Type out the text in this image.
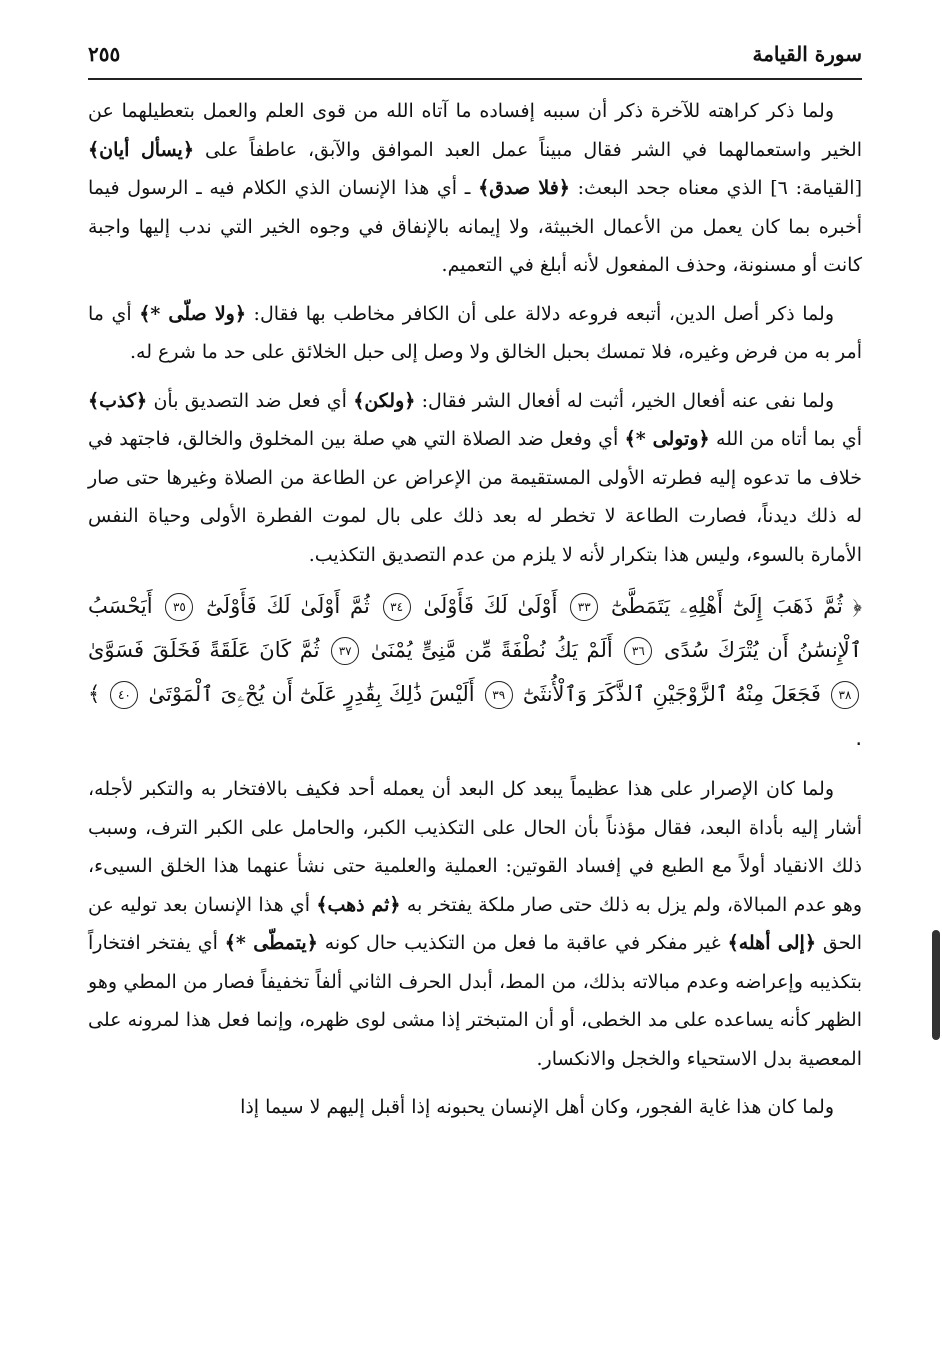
سورة القيامة
٢٥٥

ولما ذكر كراهته للآخرة ذكر أن سببه إفساده ما آتاه الله من قوى العلم والعمل بتعطيلهما عن الخير واستعمالهما في الشر فقال مبيناً عمل العبد الموافق والآبق، عاطفاً على ﴿يسأل أيان﴾ [القيامة: ٦] الذي معناه جحد البعث: ﴿فلا صدق﴾ ـ أي هذا الإنسان الذي الكلام فيه ـ الرسول فيما أخبره بما كان يعمل من الأعمال الخبيثة، ولا إيمانه بالإنفاق في وجوه الخير التي ندب إليها واجبة كانت أو مسنونة، وحذف المفعول لأنه أبلغ في التعميم.

ولما ذكر أصل الدين، أتبعه فروعه دلالة على أن الكافر مخاطب بها فقال: ﴿ولا صلّى *﴾ أي ما أمر به من فرض وغيره، فلا تمسك بحبل الخالق ولا وصل إلى حبل الخلائق على حد ما شرع له.

ولما نفى عنه أفعال الخير، أثبت له أفعال الشر فقال: ﴿ولكن﴾ أي فعل ضد التصديق بأن ﴿كذب﴾ أي بما أتاه من الله ﴿وتولى *﴾ أي وفعل ضد الصلاة التي هي صلة بين المخلوق والخالق، فاجتهد في خلاف ما تدعوه إليه فطرته الأولى المستقيمة من الإعراض عن الطاعة من الصلاة وغيرها حتى صار له ذلك ديدناً، فصارت الطاعة لا تخطر له بعد ذلك على بال لموت الفطرة الأولى وحياة النفس الأمارة بالسوء، وليس هذا بتكرار لأنه لا يلزم من عدم التصديق التكذيب.

﴿ ثُمَّ ذَهَبَ إِلَىٰٓ أَهْلِهِۦ يَتَمَطَّىٰٓ ٣٣ أَوْلَىٰ لَكَ فَأَوْلَىٰ ٣٤ ثُمَّ أَوْلَىٰ لَكَ فَأَوْلَىٰٓ ٣٥ أَيَحْسَبُ ٱلْإِنسَٰنُ أَن يُتْرَكَ سُدًى ٣٦ أَلَمْ يَكُ نُطْفَةً مِّن مَّنِىٍّ يُمْنَىٰ ٣٧ ثُمَّ كَانَ عَلَقَةً فَخَلَقَ فَسَوَّىٰ ٣٨ فَجَعَلَ مِنْهُ ٱلزَّوْجَيْنِ ٱلذَّكَرَ وَٱلْأُنثَىٰٓ ٣٩ أَلَيْسَ ذَٰلِكَ بِقَٰدِرٍ عَلَىٰٓ أَن يُحْۦِىَ ٱلْمَوْتَىٰ ٤٠ ﴾ .

ولما كان الإصرار على هذا عظيماً يبعد كل البعد أن يعمله أحد فكيف بالافتخار به والتكبر لأجله، أشار إليه بأداة البعد، فقال مؤذناً بأن الحال على التكذيب الكبر، والحامل على الكبر الترف، وسبب ذلك الانقياد أولاً مع الطبع في إفساد القوتين: العملية والعلمية حتى نشأ عنهما هذا الخلق السيىء، وهو عدم المبالاة، ولم يزل به ذلك حتى صار ملكة يفتخر به ﴿ثم ذهب﴾ أي هذا الإنسان بعد توليه عن الحق ﴿إلى أهله﴾ غير مفكر في عاقبة ما فعل من التكذيب حال كونه ﴿يتمطّى *﴾ أي يفتخر افتخاراً بتكذيبه وإعراضه وعدم مبالاته بذلك، من المط، أبدل الحرف الثاني ألفاً تخفيفاً فصار من المطي وهو الظهر كأنه يساعده على مد الخطى، أو أن المتبختر إذا مشى لوى ظهره، وإنما فعل هذا لمرونه على المعصية بدل الاستحياء والخجل والانكسار.

ولما كان هذا غاية الفجور، وكان أهل الإنسان يحبونه إذا أقبل إليهم لا سيما إذا
